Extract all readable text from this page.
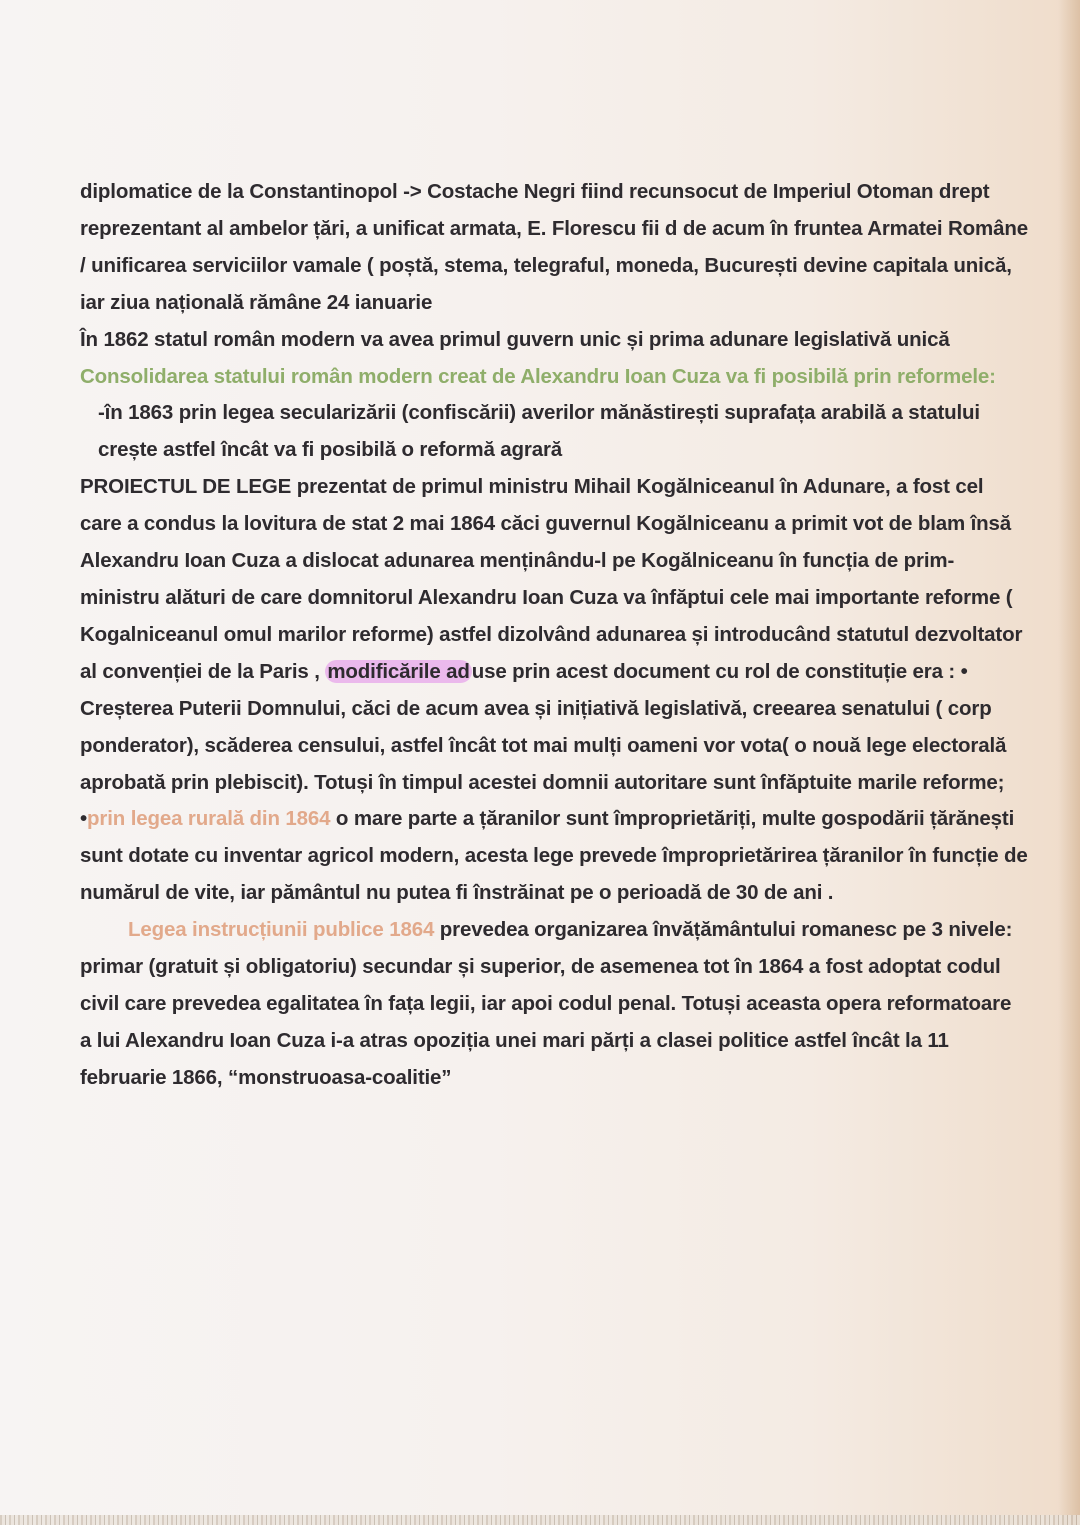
diplomatice de la Constantinopol -> Costache Negri fiind recunsocut de Imperiul Otoman drept reprezentant al ambelor țări, a unificat armata, E. Florescu fii d de acum în fruntea Armatei Române / unificarea serviciilor vamale ( poștă, stema, telegraful, moneda, București devine capitala unică, iar ziua națională rămâne 24 ianuarie

În 1862 statul român modern va avea primul guvern unic și prima adunare legislativă unică

Consolidarea statului român modern creat de Alexandru Ioan Cuza va fi posibilă prin reformele:

-în 1863 prin legea secularizării (confiscării) averilor mănăstirești suprafața arabilă a statului crește astfel încât va fi posibilă o reformă agrară

PROIECTUL DE LEGE prezentat de primul ministru Mihail Kogălniceanul în Adunare, a fost cel care a condus la lovitura de stat 2 mai 1864 căci guvernul Kogălniceanu a primit vot de blam însă Alexandru Ioan Cuza a dislocat adunarea menținându-l pe Kogălniceanu în funcția de prim- ministru alături de care domnitorul Alexandru Ioan Cuza va înfăptui cele mai importante reforme ( Kogalniceanul omul marilor reforme) astfel dizolvând adunarea și introducând statutul dezvoltator al convenției de la Paris , modificările aduse prin acest document cu rol de constituție era : • Creșterea Puterii Domnului, căci de acum avea și inițiativă legislativă, creearea senatului ( corp ponderator), scăderea censului, astfel încât tot mai mulți oameni vor vota( o nouă lege electorală aprobată prin plebiscit). Totuși în timpul acestei domnii autoritare sunt înfăptuite marile reforme;

•prin legea rurală din 1864 o mare parte a țăranilor sunt împroprietăriți, multe gospodării țărănești sunt dotate cu inventar agricol modern, acesta lege prevede împroprietărirea țăranilor în funcție de numărul de vite, iar pământul nu putea fi înstrăinat pe o perioadă de 30 de ani .

Legea instrucțiunii publice 1864 prevedea organizarea învățământului romanesc pe 3 nivele: primar (gratuit și obligatoriu) secundar și superior, de asemenea tot în 1864 a fost adoptat codul civil care prevedea egalitatea în fața legii, iar apoi codul penal. Totuși aceasta opera reformatoare a lui Alexandru Ioan Cuza i-a atras opoziția unei mari părți a clasei politice astfel încât la 11 februarie 1866, “monstruoasa-coalitie”
